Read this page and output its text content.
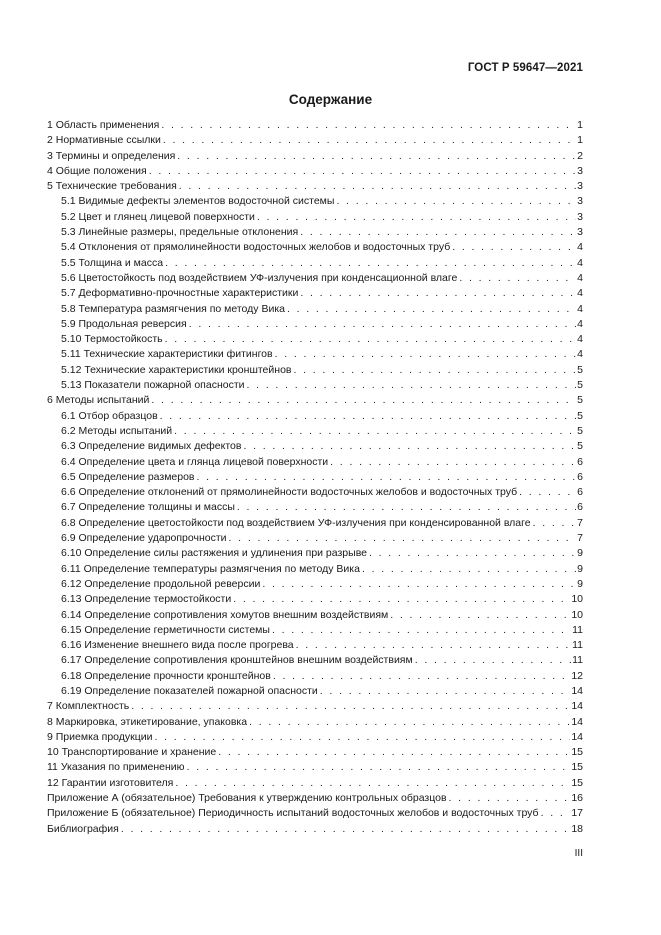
ГОСТ Р 59647—2021
Содержание
1 Область применения . . .	1
2 Нормативные ссылки . . .	1
3 Термины и определения . . .	2
4 Общие положения . . .	3
5 Технические требования . . .	3
5.1 Видимые дефекты элементов водосточной системы . . .	3
5.2 Цвет и глянец лицевой поверхности . . .	3
5.3 Линейные размеры, предельные отклонения . . .	3
5.4 Отклонения от прямолинейности водосточных желобов и водосточных труб . . .	4
5.5 Толщина и масса . . .	4
5.6 Цветостойкость под воздействием УФ-излучения при конденсационной влаге . . .	4
5.7 Деформативно-прочностные характеристики . . .	4
5.8 Температура размягчения по методу Вика . . .	4
5.9 Продольная реверсия . . .	4
5.10 Термостойкость . . .	4
5.11 Технические характеристики фитингов . . .	4
5.12 Технические характеристики кронштейнов . . .	5
5.13 Показатели пожарной опасности . . .	5
6 Методы испытаний . . .	5
6.1 Отбор образцов . . .	5
6.2 Методы испытаний . . .	5
6.3 Определение видимых дефектов . . .	5
6.4 Определение цвета и глянца лицевой поверхности . . .	6
6.5 Определение размеров . . .	6
6.6 Определение отклонений от прямолинейности водосточных желобов и водосточных труб . . .	6
6.7 Определение толщины и массы . . .	6
6.8 Определение цветостойкости под воздействием УФ-излучения при конденсированной влаге . . .	7
6.9 Определение ударопрочности . . .	7
6.10 Определение силы растяжения и удлинения при разрыве . . .	9
6.11 Определение температуры размягчения по методу Вика . . .	9
6.12 Определение продольной реверсии . . .	9
6.13 Определение термостойкости . . .	10
6.14 Определение сопротивления хомутов внешним воздействиям . . .	10
6.15 Определение герметичности системы . . .	11
6.16 Изменение внешнего вида после прогрева . . .	11
6.17 Определение сопротивления кронштейнов внешним воздействиям . . .	11
6.18 Определение прочности кронштейнов . . .	12
6.19 Определение показателей пожарной опасности . . .	14
7 Комплектность . . .	14
8 Маркировка, этикетирование, упаковка . . .	14
9 Приемка продукции . . .	14
10 Транспортирование и хранение . . .	15
11 Указания по применению . . .	15
12 Гарантии изготовителя . . .	15
Приложение А (обязательное) Требования к утверждению контрольных образцов . . .	16
Приложение Б (обязательное) Периодичность испытаний водосточных желобов и водосточных труб . . .	17
Библиография . . .	18
III
